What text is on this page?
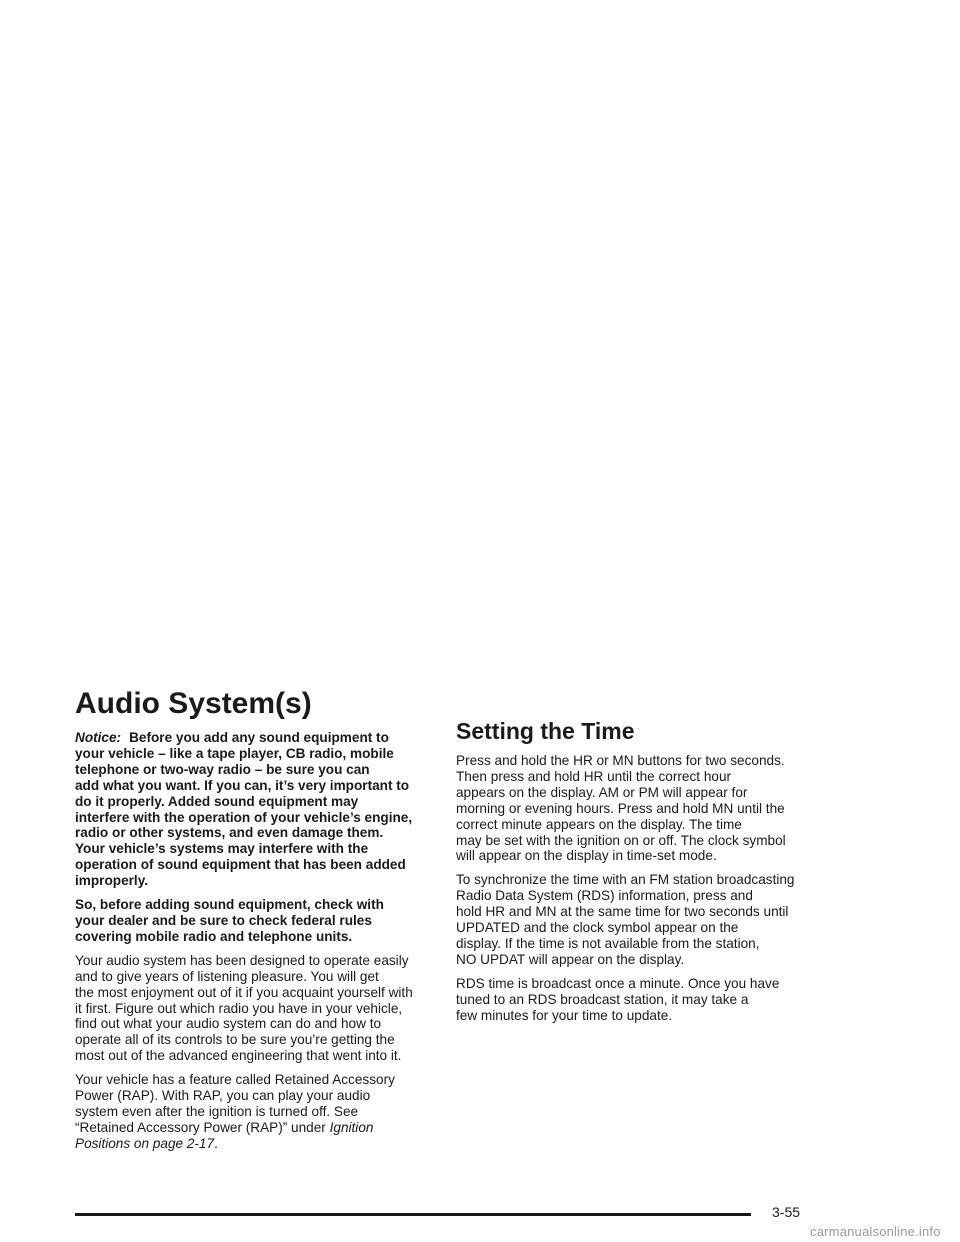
Audio System(s)

Notice: Before you add any sound equipment to
your vehicle – like a tape player, CB radio, mobile
telephone or two-way radio – be sure you can
add what you want. If you can, it’s very important to
do it properly. Added sound equipment may
interfere with the operation of your vehicle’s engine,
radio or other systems, and even damage them.
Your vehicle’s systems may interfere with the
operation of sound equipment that has been added
improperly.

So, before adding sound equipment, check with
your dealer and be sure to check federal rules
covering mobile radio and telephone units.

Your audio system has been designed to operate easily
and to give years of listening pleasure. You will get
the most enjoyment out of it if you acquaint yourself with
it first. Figure out which radio you have in your vehicle,
find out what your audio system can do and how to
operate all of its controls to be sure you’re getting the
most out of the advanced engineering that went into it.

Your vehicle has a feature called Retained Accessory
Power (RAP). With RAP, you can play your audio
system even after the ignition is turned off. See
“Retained Accessory Power (RAP)” under Ignition
Positions on page 2-17.

Setting the Time

Press and hold the HR or MN buttons for two seconds.
Then press and hold HR until the correct hour
appears on the display. AM or PM will appear for
morning or evening hours. Press and hold MN until the
correct minute appears on the display. The time
may be set with the ignition on or off. The clock symbol
will appear on the display in time-set mode.

To synchronize the time with an FM station broadcasting
Radio Data System (RDS) information, press and
hold HR and MN at the same time for two seconds until
UPDATED and the clock symbol appear on the
display. If the time is not available from the station,
NO UPDAT will appear on the display.

RDS time is broadcast once a minute. Once you have
tuned to an RDS broadcast station, it may take a
few minutes for your time to update.

3-55
carmanualsonline.info
